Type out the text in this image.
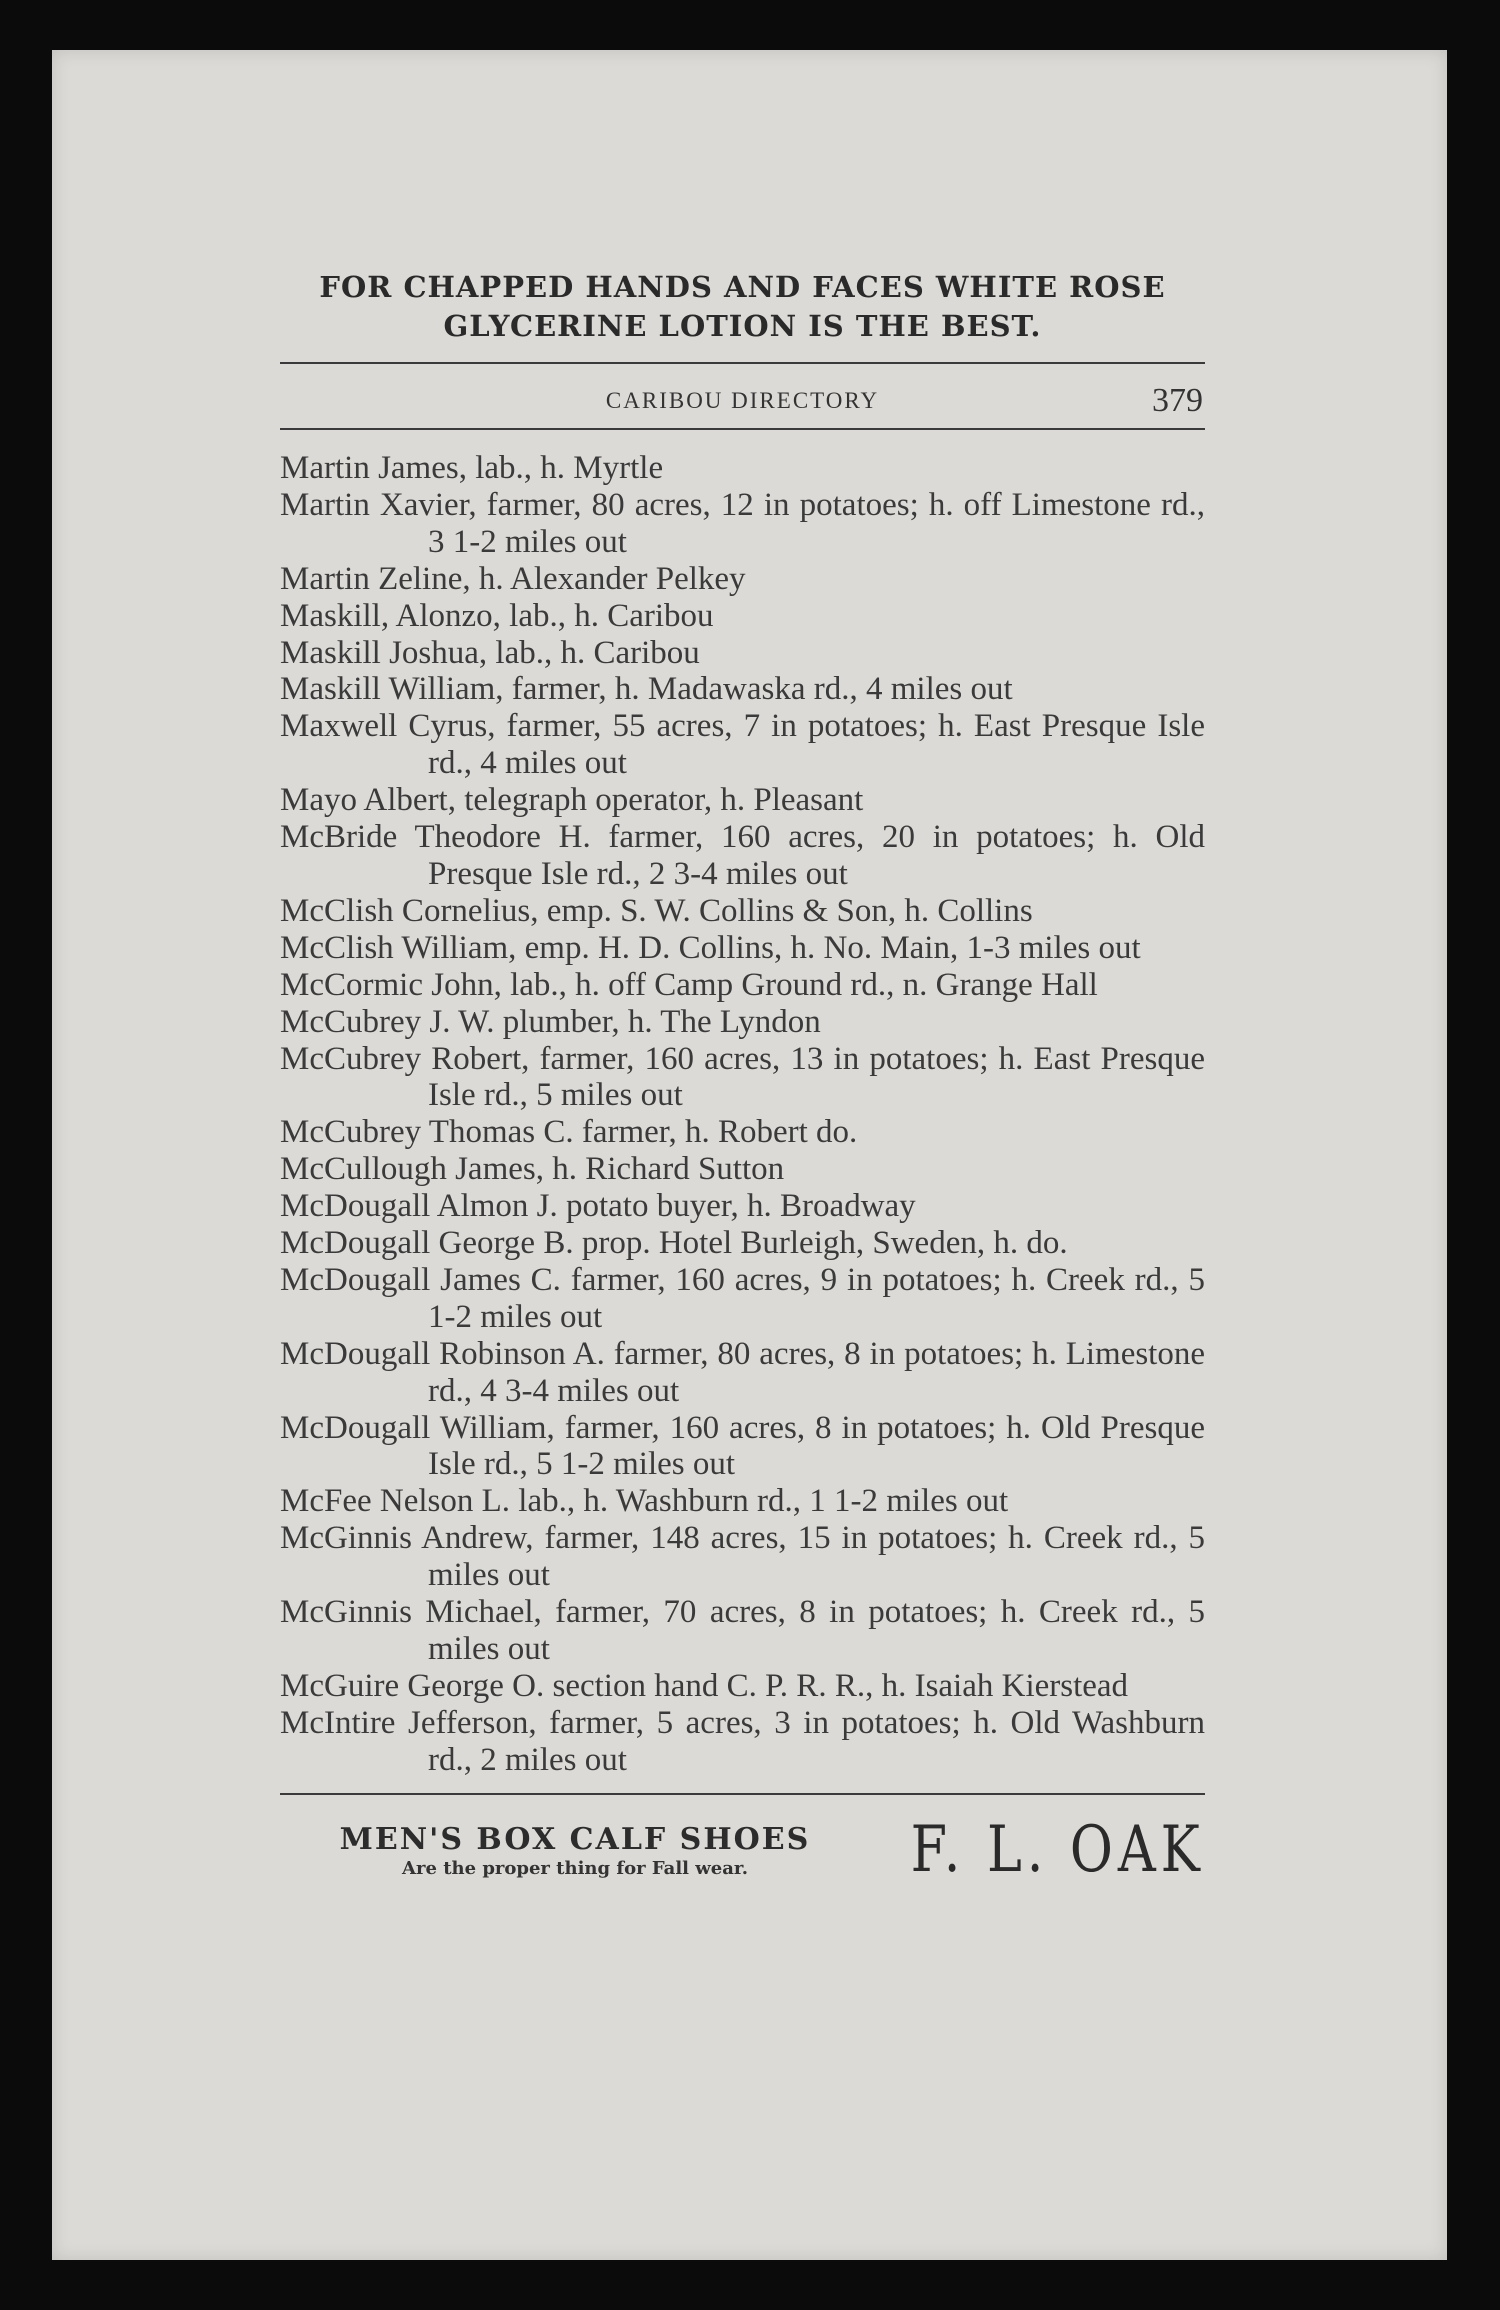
FOR CHAPPED HANDS AND FACES WHITE ROSE
GLYCERINE LOTION IS THE BEST.
CARIBOU DIRECTORY	379
Martin James, lab., h. Myrtle
Martin Xavier, farmer, 80 acres, 12 in potatoes; h. off Limestone rd., 3 1-2 miles out
Martin Zeline, h. Alexander Pelkey
Maskill, Alonzo, lab., h. Caribou
Maskill Joshua, lab., h. Caribou
Maskill William, farmer, h. Madawaska rd., 4 miles out
Maxwell Cyrus, farmer, 55 acres, 7 in potatoes; h. East Presque Isle rd., 4 miles out
Mayo Albert, telegraph operator, h. Pleasant
McBride Theodore H. farmer, 160 acres, 20 in potatoes; h. Old Presque Isle rd., 2 3-4 miles out
McClish Cornelius, emp. S. W. Collins & Son, h. Collins
McClish William, emp. H. D. Collins, h. No. Main, 1-3 miles out
McCormic John, lab., h. off Camp Ground rd., n. Grange Hall
McCubrey J. W. plumber, h. The Lyndon
McCubrey Robert, farmer, 160 acres, 13 in potatoes; h. East Presque Isle rd., 5 miles out
McCubrey Thomas C. farmer, h. Robert do.
McCullough James, h. Richard Sutton
McDougall Almon J. potato buyer, h. Broadway
McDougall George B. prop. Hotel Burleigh, Sweden, h. do.
McDougall James C. farmer, 160 acres, 9 in potatoes; h. Creek rd., 5 1-2 miles out
McDougall Robinson A. farmer, 80 acres, 8 in potatoes; h. Limestone rd., 4 3-4 miles out
McDougall William, farmer, 160 acres, 8 in potatoes; h. Old Presque Isle rd., 5 1-2 miles out
McFee Nelson L. lab., h. Washburn rd., 1 1-2 miles out
McGinnis Andrew, farmer, 148 acres, 15 in potatoes; h. Creek rd., 5 miles out
McGinnis Michael, farmer, 70 acres, 8 in potatoes; h. Creek rd., 5 miles out
McGuire George O. section hand C. P. R. R., h. Isaiah Kierstead
McIntire Jefferson, farmer, 5 acres, 3 in potatoes; h. Old Washburn rd., 2 miles out
MEN'S BOX CALF SHOES
Are the proper thing for Fall wear.	F. L. OAK
